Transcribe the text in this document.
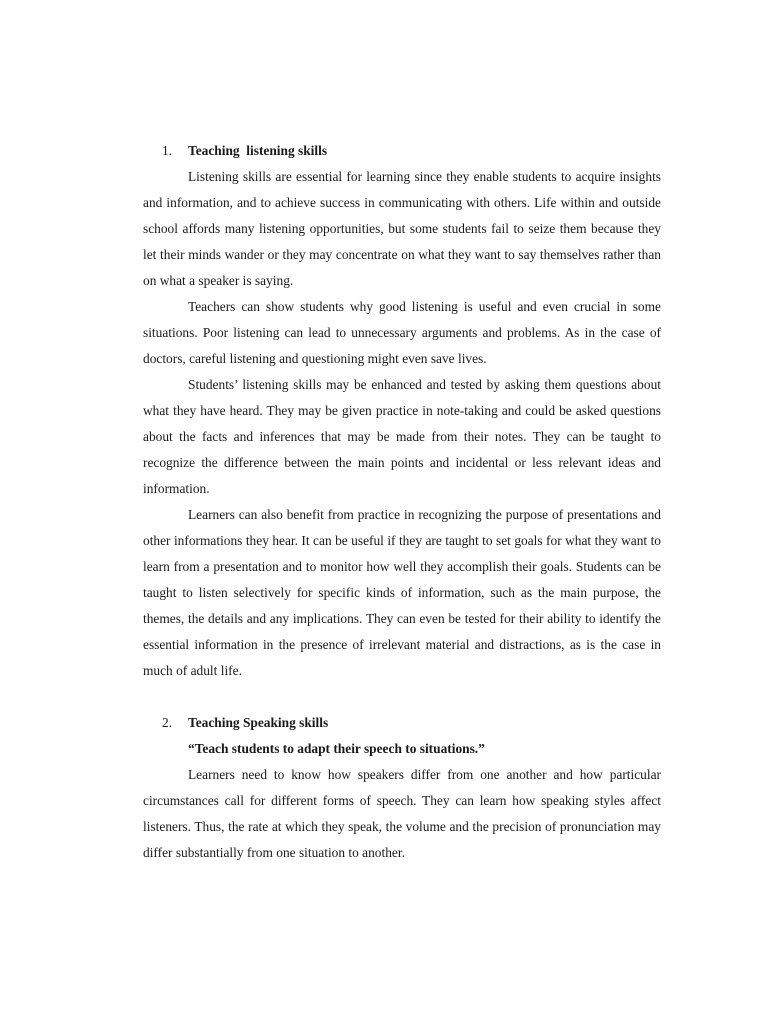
1.	Teaching  listening skills

Listening skills are essential for learning since they enable students to acquire insights and information, and to achieve success in communicating with others. Life within and outside school affords many listening opportunities, but some students fail to seize them because they let their minds wander or they may concentrate on what they want to say themselves rather than on what a speaker is saying.

Teachers can show students why good listening is useful and even crucial in some situations. Poor listening can lead to unnecessary arguments and problems. As in the case of doctors, careful listening and questioning might even save lives.

Students’ listening skills may be enhanced and tested by asking them questions about what they have heard. They may be given practice in note-taking and could be asked questions about the facts and inferences that may be made from their notes. They can be taught to recognize the difference between the main points and incidental or less relevant ideas and information.

Learners can also benefit from practice in recognizing the purpose of presentations and other informations they hear. It can be useful if they are taught to set goals for what they want to learn from a presentation and to monitor how well they accomplish their goals. Students can be taught to listen selectively for specific kinds of information, such as the main purpose, the themes, the details and any implications. They can even be tested for their ability to identify the essential information in the presence of irrelevant material and distractions, as is the case in much of adult life.

2.	Teaching Speaking skills

“Teach students to adapt their speech to situations.”

Learners need to know how speakers differ from one another and how particular circumstances call for different forms of speech. They can learn how speaking styles affect listeners. Thus, the rate at which they speak, the volume and the precision of pronunciation may differ substantially from one situation to another.
